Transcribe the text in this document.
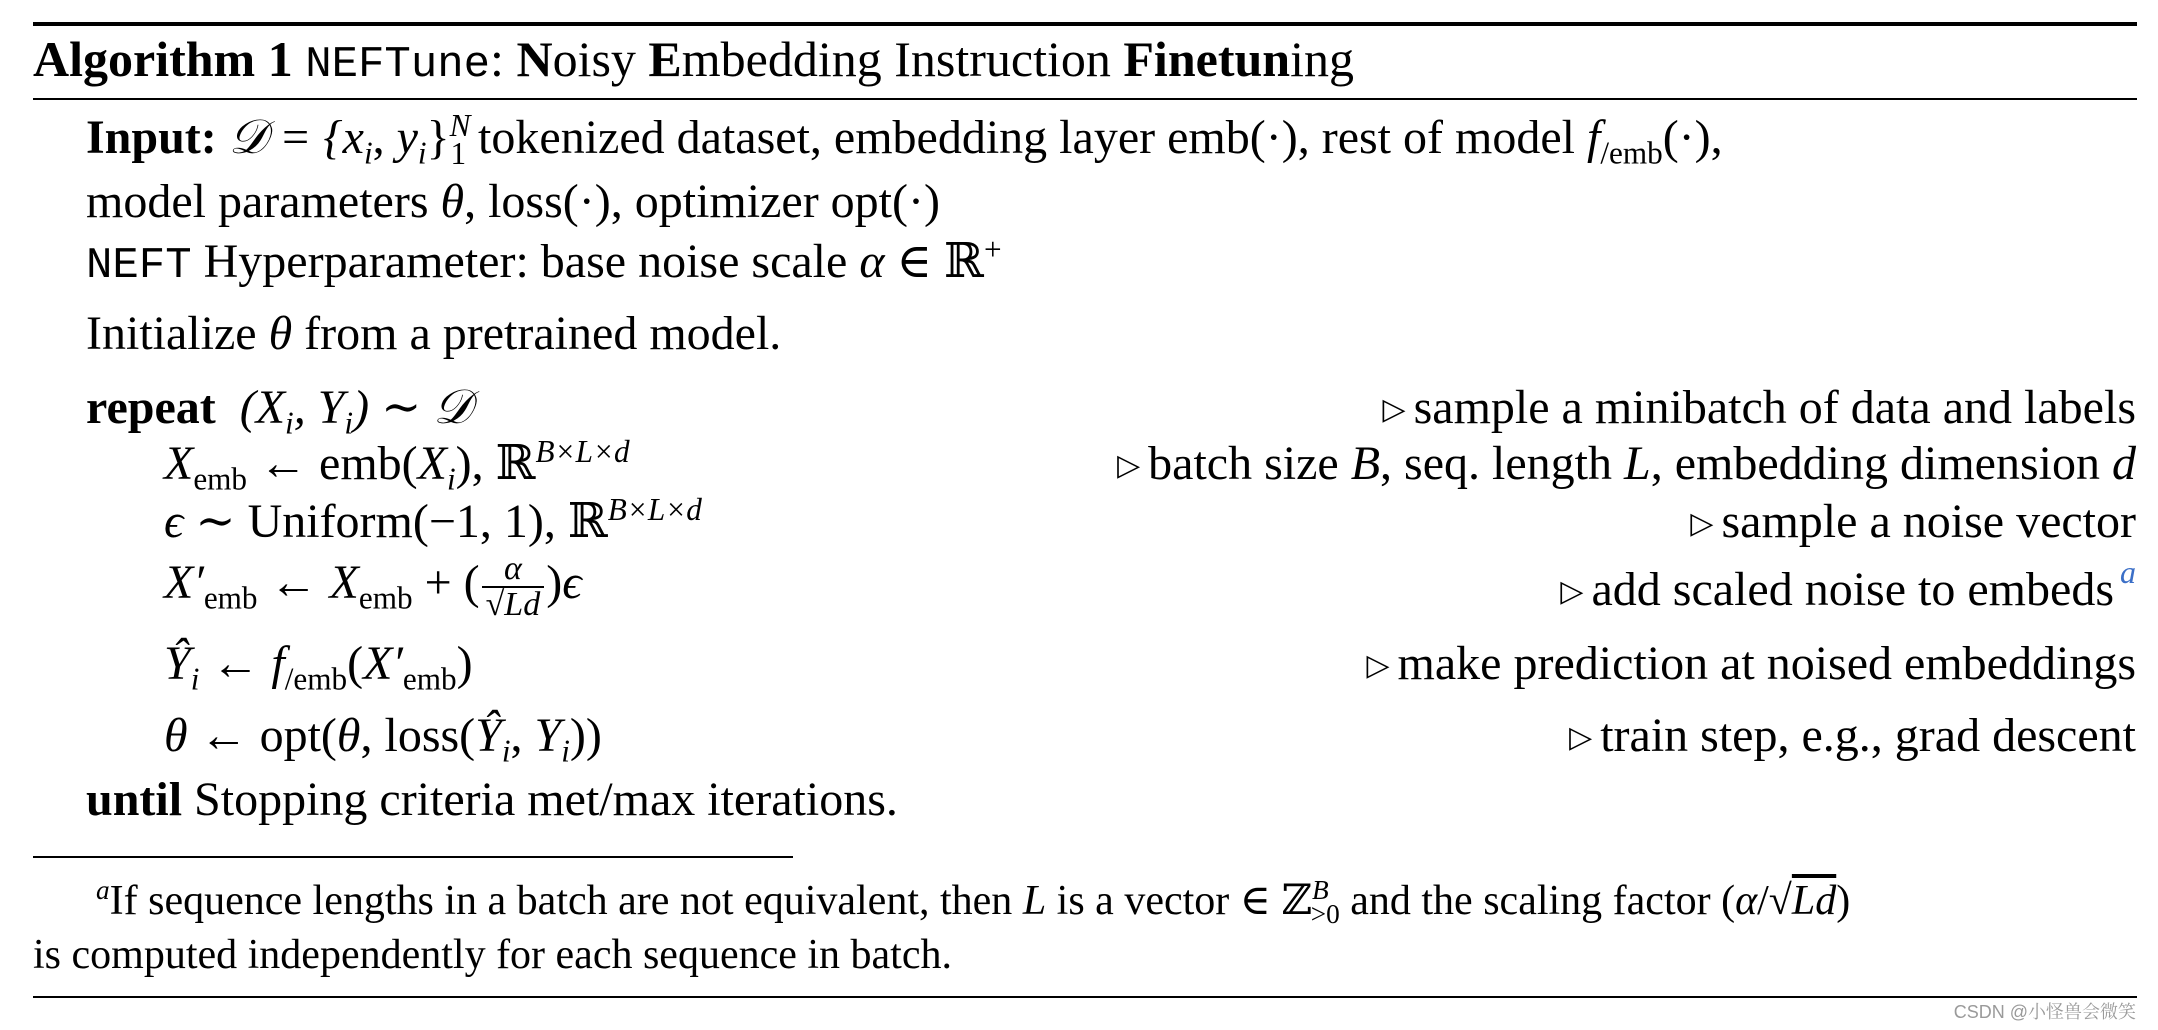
Algorithm 1 NEFTune: Noisy Embedding Instruction Finetuning
Input: 𝒟 = {$x_i$, $y_i\}^N_1$ tokenized dataset, embedding layer emb(·), rest of model $f_{/emb}(\cdot)$,
model parameters θ, loss(·), optimizer opt(·)
NEFT Hyperparameter: base noise scale α ∈ ℝ+
Initialize θ from a pretrained model.
repeat ($X_i$, $Y_i$) ∼ 𝒟	▷ sample a minibatch of data and labels
$X_{emb}$ ← $emb(X_i)$, ℝ$^{B\times L\times d}$	▷ batch size B, seq. length L, embedding dimension d
ϵ ∼ Uniform(−1, 1), ℝ$^{B\times L\times d}$	▷ sample a noise vector
$X'_{emb}$ ← $X_{emb}$ + ( $\frac{\alpha}{√Ld} )\epsilon$	▷ add scaled noise to embeds $^a$
$Ŷ_i$ ← $f_{/emb}(X'_{emb})$	▷ make prediction at noised embeddings
θ ← opt(θ, $loss(Ŷ_i$, $Y_i$))	▷ train step, e.g., grad descent
until Stopping criteria met/max iterations.
$^a$If sequence lengths in a batch are not equivalent, then L is a vector ∈ ℤ$^B_{>0}$ and the scaling factor (α/√Ld)
is computed independently for each sequence in batch.
CSDN @小怪兽会微笑
